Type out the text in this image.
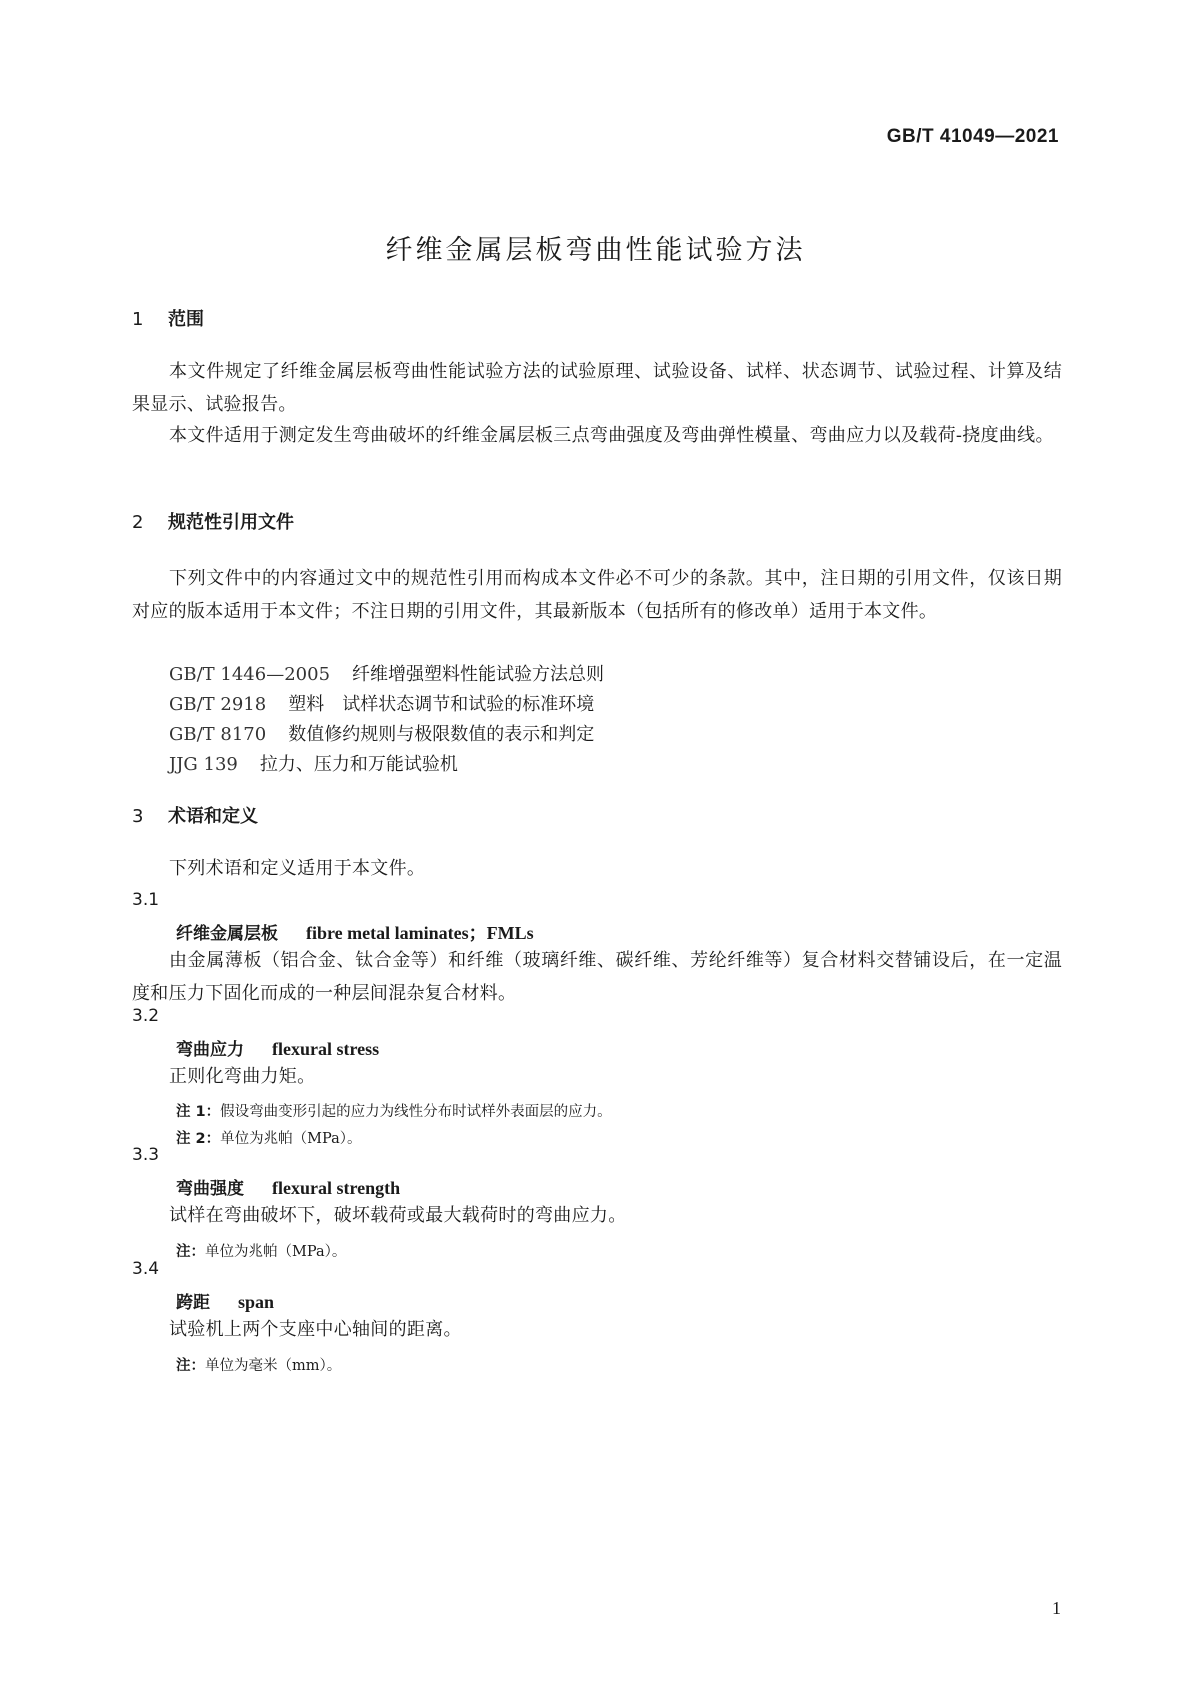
GB/T 41049—2021
纤维金属层板弯曲性能试验方法
1 范围

本文件规定了纤维金属层板弯曲性能试验方法的试验原理、试验设备、试样、状态调节、试验过程、计算及结果显示、试验报告。

本文件适用于测定发生弯曲破坏的纤维金属层板三点弯曲强度及弯曲弹性模量、弯曲应力以及载荷-挠度曲线。

2 规范性引用文件

下列文件中的内容通过文中的规范性引用而构成本文件必不可少的条款。其中，注日期的引用文件，仅该日期对应的版本适用于本文件；不注日期的引用文件，其最新版本（包括所有的修改单）适用于本文件。

GB/T 1446—2005 纤维增强塑料性能试验方法总则

GB/T 2918 塑料　试样状态调节和试验的标准环境

GB/T 8170 数值修约规则与极限数值的表示和判定

JJG 139 拉力、压力和万能试验机

3 术语和定义

下列术语和定义适用于本文件。

3.1
纤维金属层板 fibre metal laminates；FMLs

由金属薄板（铝合金、钛合金等）和纤维（玻璃纤维、碳纤维、芳纶纤维等）复合材料交替铺设后，在一定温度和压力下固化而成的一种层间混杂复合材料。

3.2
弯曲应力 flexural stress

正则化弯曲力矩。

注 1：假设弯曲变形引起的应力为线性分布时试样外表面层的应力。
注 2：单位为兆帕（MPa）。
3.3
弯曲强度 flexural strength

试样在弯曲破坏下，破坏载荷或最大载荷时的弯曲应力。

注：单位为兆帕（MPa）。
3.4
跨距 span

试验机上两个支座中心轴间的距离。

注：单位为毫米（mm）。
1
